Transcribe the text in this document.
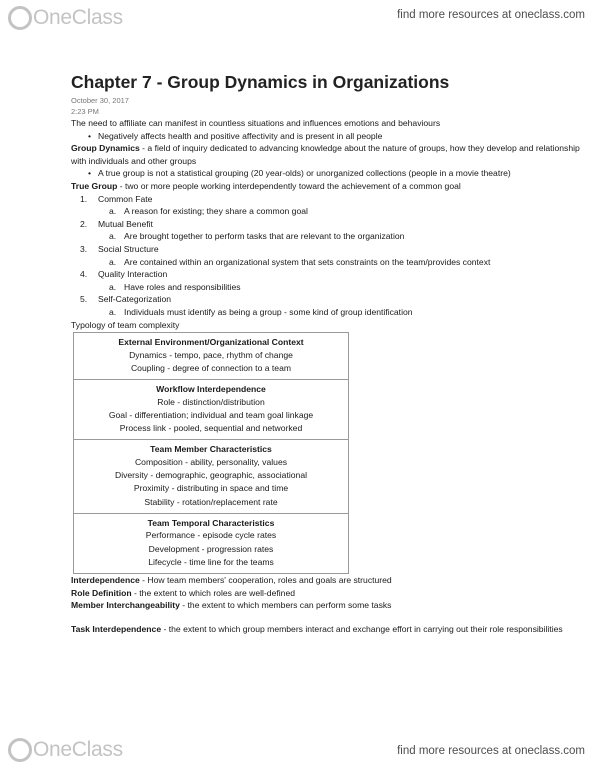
OneClass	find more resources at oneclass.com
Chapter 7 - Group Dynamics in Organizations
October 30, 2017
2:23 PM

The need to affiliate can manifest in countless situations and influences emotions and behaviours

• Negatively affects health and positive affectivity and is present in all people

Group Dynamics - a field of inquiry dedicated to advancing knowledge about the nature of groups, how they develop and relationship with individuals and other groups

• A true group is not a statistical grouping (20 year-olds) or unorganized collections (people in a movie theatre)

True Group - two or more people working interdependently toward the achievement of a common goal

1. Common Fate
a. A reason for existing; they share a common goal
2. Mutual Benefit
a. Are brought together to perform tasks that are relevant to the organization
3. Social Structure
a. Are contained within an organizational system that sets constraints on the team/provides context
4. Quality Interaction
a. Have roles and responsibilities
5. Self-Categorization
a. Individuals must identify as being a group - some kind of group identification

Typology of team complexity

External Environment/Organizational Context
Dynamics - tempo, pace, rhythm of change
Coupling - degree of connection to a team
Workflow Interdependence
Role - distinction/distribution
Goal - differentiation; individual and team goal linkage
Process link - pooled, sequential and networked
Team Member Characteristics
Composition - ability, personality, values
Diversity - demographic, geographic, associational
Proximity - distributing in space and time
Stability - rotation/replacement rate
Team Temporal Characteristics
Performance - episode cycle rates
Development - progression rates
Lifecycle - time line for the teams

Interdependence - How team members' cooperation, roles and goals are structured

Role Definition - the extent to which roles are well-defined

Member Interchangeability - the extent to which members can perform some tasks

Task Interdependence - the extent to which group members interact and exchange effort in carrying out their role responsibilities

OneClass	find more resources at oneclass.com
